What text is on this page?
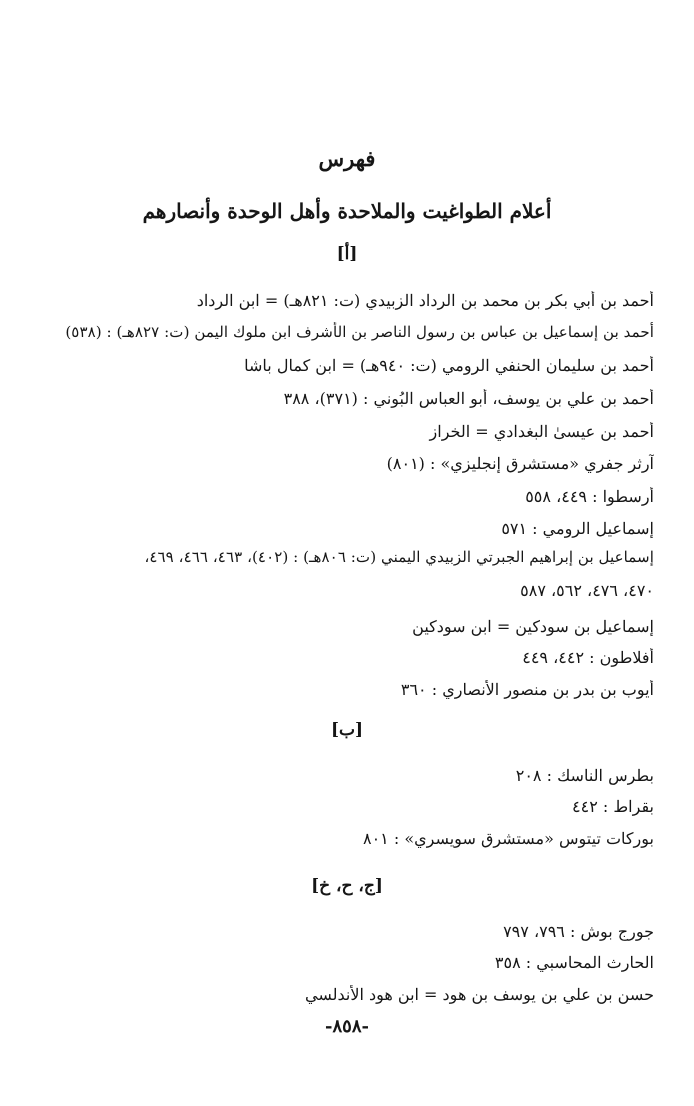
فهرس
أعلام الطواغيت والملاحدة وأهل الوحدة وأنصارهم
[أ]
أحمد بن أبي بكر بن محمد بن الرداد الزبيدي (ت: ٨٢١هـ) = ابن الرداد
أحمد بن إسماعيل بن عباس بن رسول الناصر بن الأشرف ابن ملوك اليمن (ت: ٨٢٧هـ) : (٥٣٨)
أحمد بن سليمان الحنفي الرومي (ت: ٩٤٠هـ) = ابن كمال باشا
أحمد بن علي بن يوسف، أبو العباس البُوني : (٣٧١)، ٣٨٨
أحمد بن عيسىٰ البغدادي = الخراز
آرثر جفري «مستشرق إنجليزي» : (٨٠١)
أرسطوا : ٤٤٩، ٥٥٨
إسماعيل الرومي : ٥٧١
إسماعيل بن إبراهيم الجبرتي الزبيدي اليمني (ت: ٨٠٦هـ) : (٤٠٢)، ٤٦٣، ٤٦٦، ٤٦٩،
٤٧٠، ٤٧٦، ٥٦٢، ٥٨٧
إسماعيل بن سودكين = ابن سودكين
أفلاطون : ٤٤٢، ٤٤٩
أيوب بن بدر بن منصور الأنصاري : ٣٦٠
[ب]
بطرس الناسك : ٢٠٨
بقراط : ٤٤٢
بوركات تيتوس «مستشرق سويسري» : ٨٠١
[ج، ح، خ]
جورج بوش : ٧٩٦، ٧٩٧
الحارث المحاسبي : ٣٥٨
حسن بن علي بن يوسف بن هود = ابن هود الأندلسي
-٨٥٨-
